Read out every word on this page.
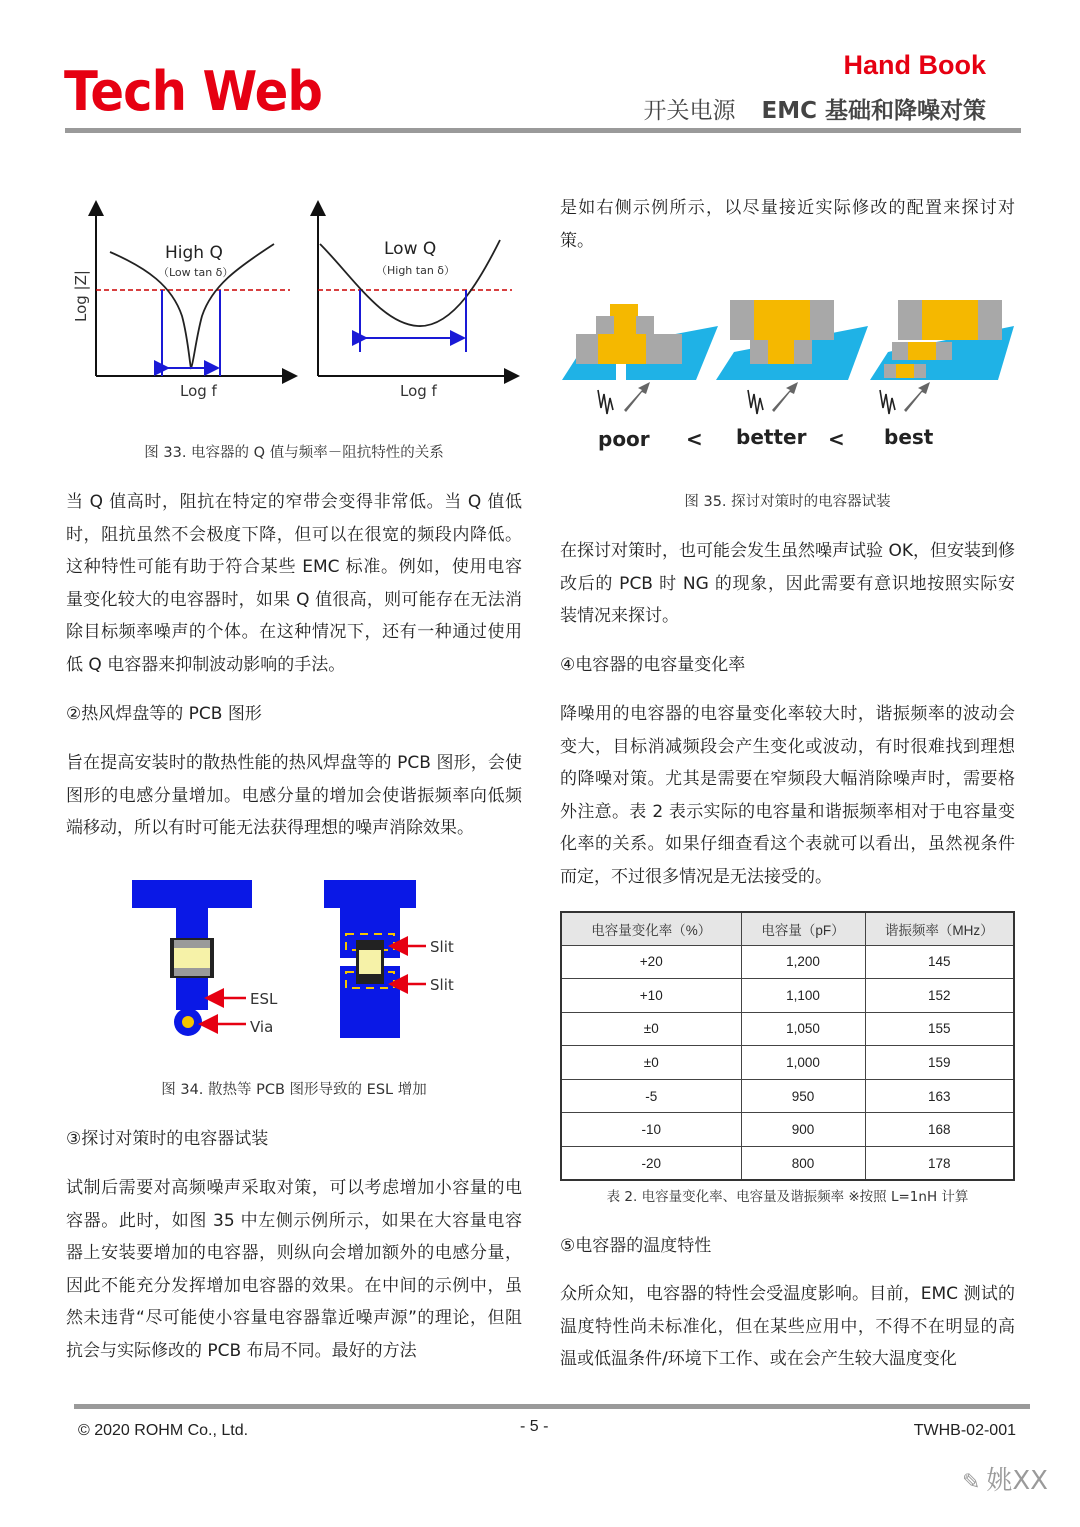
Tech Web	Hand Book
开关电源 EMC 基础和降噪对策
Log |Z|
High Q
（Low tan δ）
Log f
Low Q
（High tan δ）
Log f
图 33. 电容器的 Q 值与频率－阻抗特性的关系
当 Q 值高时，阻抗在特定的窄带会变得非常低。当 Q 值低时，阻抗虽然不会极度下降，但可以在很宽的频段内降低。这种特性可能有助于符合某些 EMC 标准。例如，使用电容量变化较大的电容器时，如果 Q 值很高，则可能存在无法消除目标频率噪声的个体。在这种情况下，还有一种通过使用低 Q 电容器来抑制波动影响的手法。
②热风焊盘等的 PCB 图形
旨在提高安装时的散热性能的热风焊盘等的 PCB 图形，会使图形的电感分量增加。电感分量的增加会使谐振频率向低频端移动，所以有时可能无法获得理想的噪声消除效果。
ESL
Via
Slit
Slit
图 34. 散热等 PCB 图形导致的 ESL 增加
③探讨对策时的电容器试装
试制后需要对高频噪声采取对策，可以考虑增加小容量的电容器。此时，如图 35 中左侧示例所示，如果在大容量电容器上安装要增加的电容器，则纵向会增加额外的电感分量，因此不能充分发挥增加电容器的效果。在中间的示例中，虽然未违背“尽可能使小容量电容器靠近噪声源”的理论，但阻抗会与实际修改的 PCB 布局不同。最好的方法
是如右侧示例所示，以尽量接近实际修改的配置来探讨对策。
poor < better < best
图 35. 探讨对策时的电容器试装
在探讨对策时，也可能会发生虽然噪声试验 OK，但安装到修改后的 PCB 时 NG 的现象，因此需要有意识地按照实际安装情况来探讨。
④电容器的电容量变化率
降噪用的电容器的电容量变化率较大时，谐振频率的波动会变大，目标消减频段会产生变化或波动，有时很难找到理想的降噪对策。尤其是需要在窄频段大幅消除噪声时，需要格外注意。表 2 表示实际的电容量和谐振频率相对于电容量变化率的关系。如果仔细查看这个表就可以看出，虽然视条件而定，不过很多情况是无法接受的。
电容量变化率（%）	电容量（pF）	谐振频率（MHz）
+20	1,200	145
+10	1,100	152
±0	1,050	155
±0	1,000	159
-5	950	163
-10	900	168
-20	800	178
表 2. 电容量变化率、电容量及谐振频率 ※按照 L=1nH 计算
⑤电容器的温度特性
众所众知，电容器的特性会受温度影响。目前，EMC 测试的温度特性尚未标准化，但在某些应用中，不得不在明显的高温或低温条件/环境下工作、或在会产生较大温度变化
© 2020 ROHM Co., Ltd.	- 5 -	TWHB-02-001
✎ 姚XX
